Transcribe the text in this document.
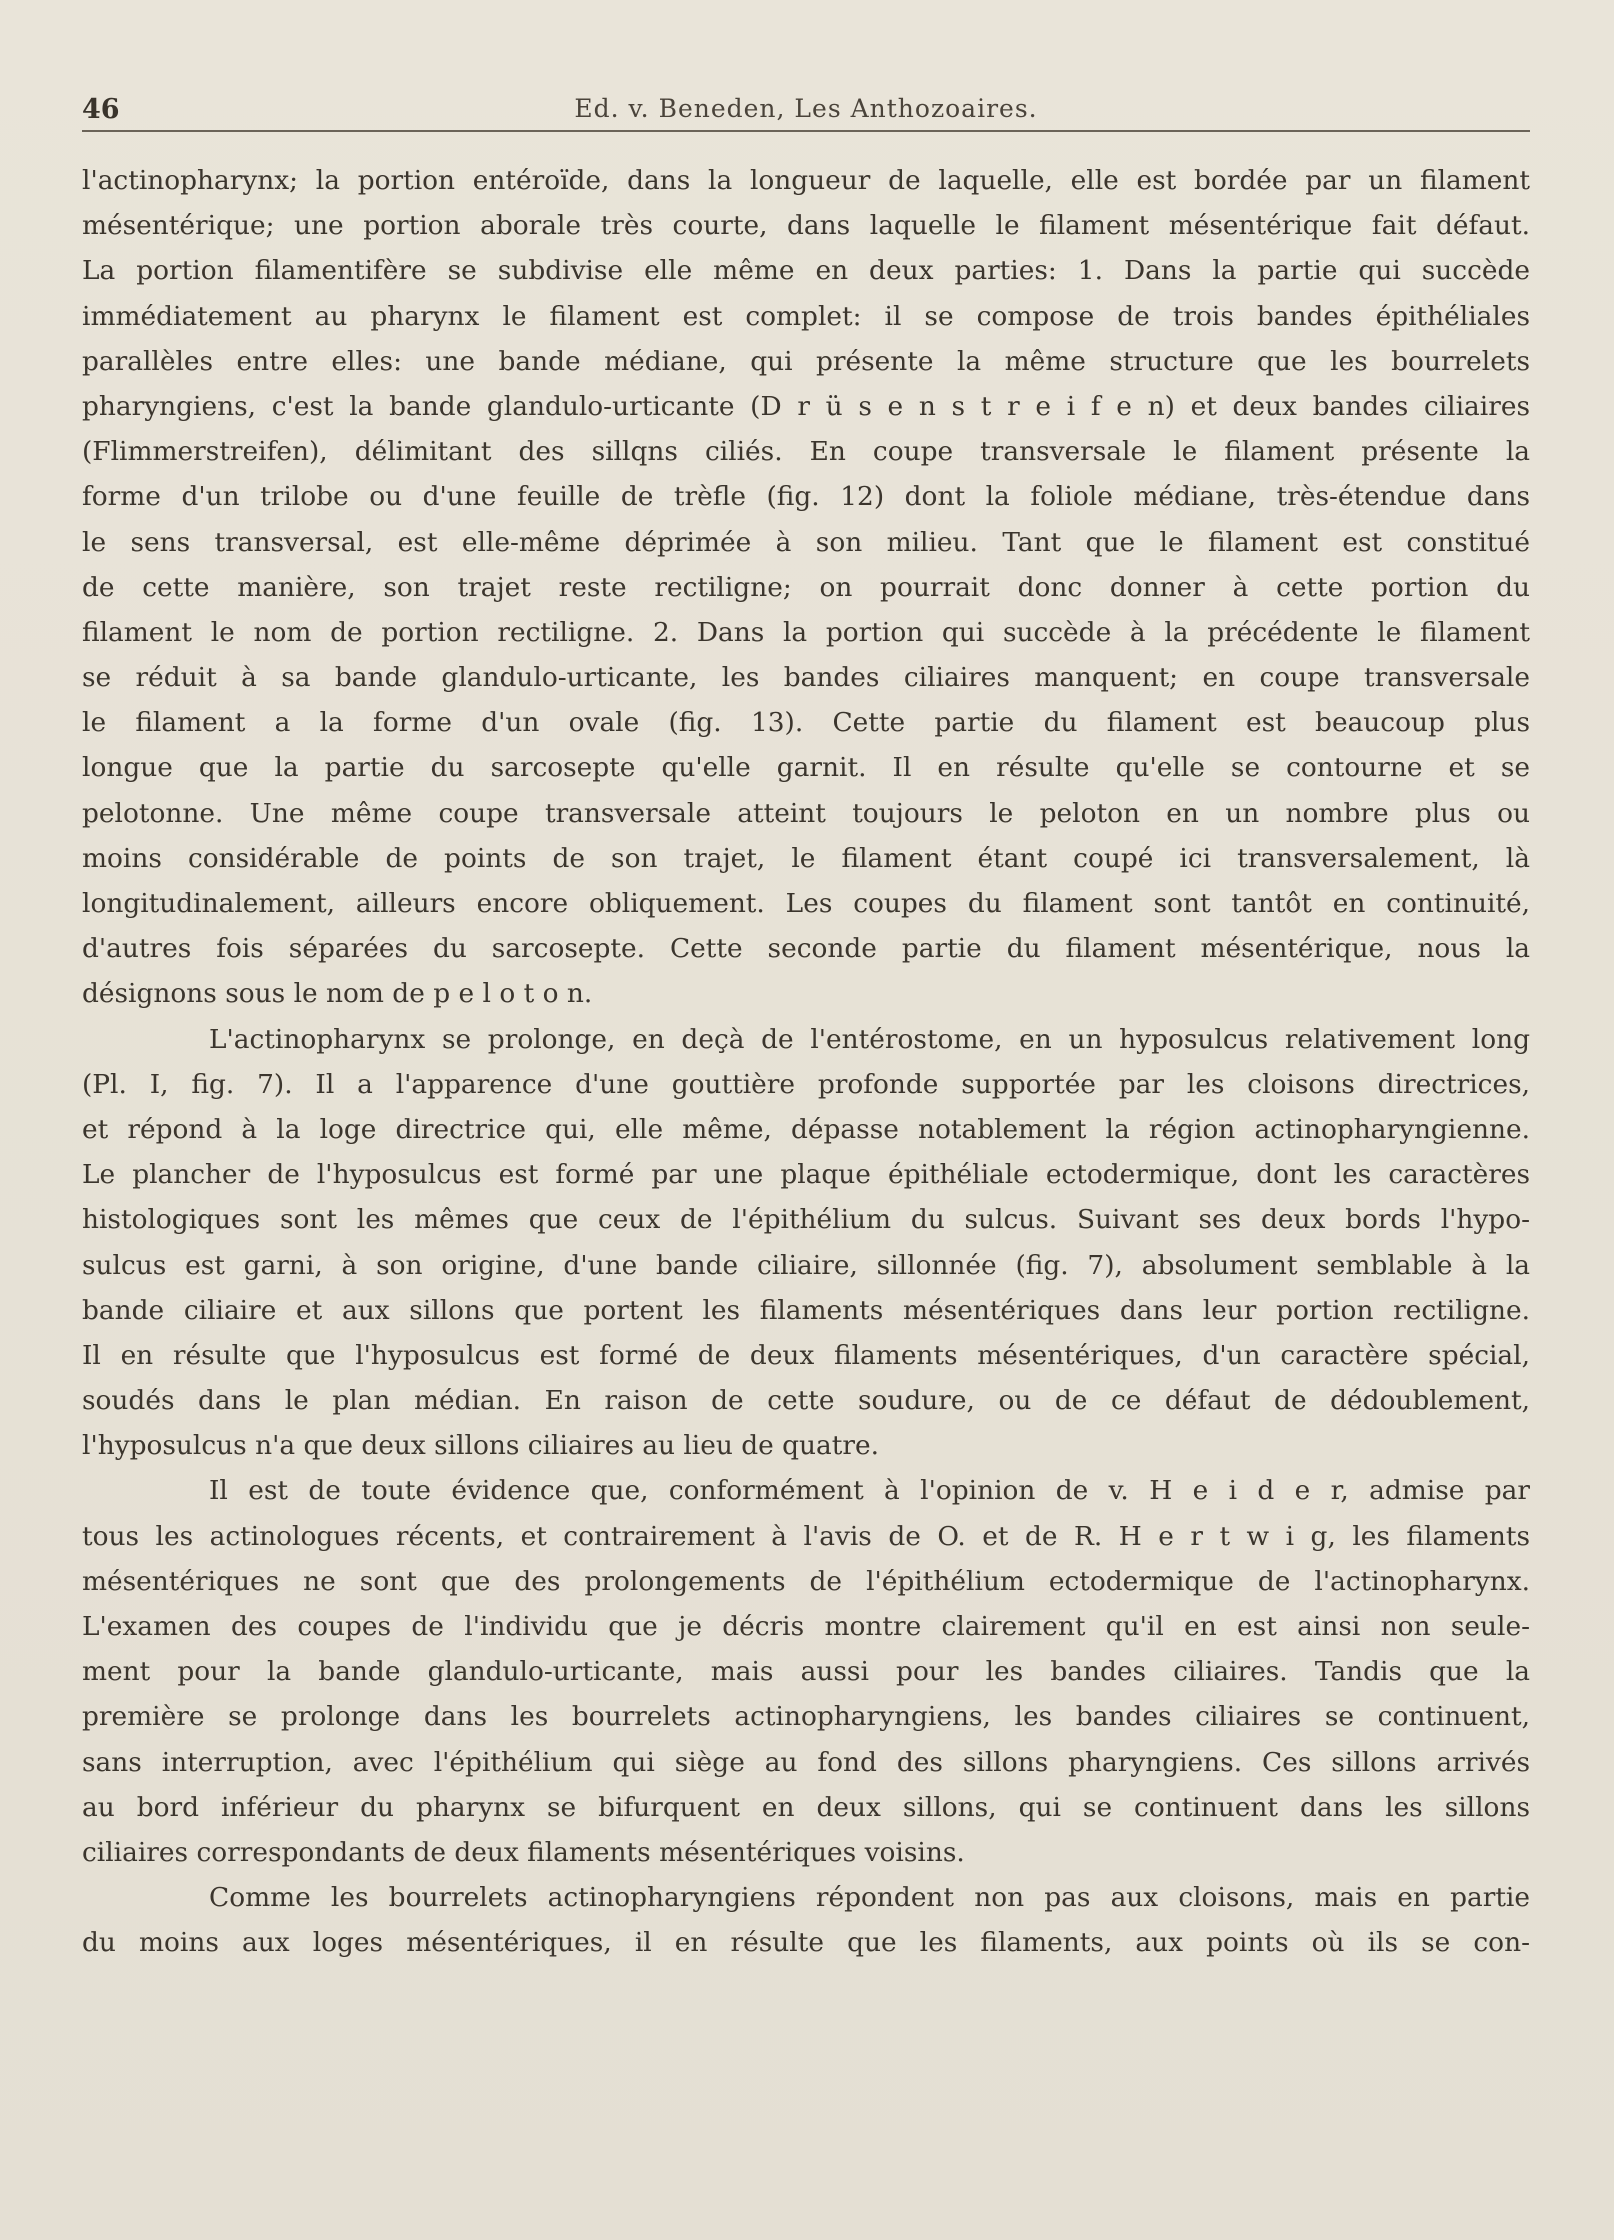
46	Ed. v. Beneden, Les Anthozoaires.
l'actinopharynx; la portion entéroïde, dans la longueur de laquelle, elle est bordée par un filament
mésentérique; une portion aborale très courte, dans laquelle le filament mésentérique fait défaut.
La portion filamentifère se subdivise elle même en deux parties: 1. Dans la partie qui succède
immédiatement au pharynx le filament est complet: il se compose de trois bandes épithéliales
parallèles entre elles: une bande médiane, qui présente la même structure que les bourrelets
pharyngiens, c'est la bande glandulo-urticante (D r ü s e n s t r e i f e n) et deux bandes ciliaires
(Flimmerstreifen), délimitant des sillqns ciliés. En coupe transversale le filament présente la
forme d'un trilobe ou d'une feuille de trèfle (fig. 12) dont la foliole médiane, très-étendue dans
le sens transversal, est elle-même déprimée à son milieu. Tant que le filament est constitué
de cette manière, son trajet reste rectiligne; on pourrait donc donner à cette portion du
filament le nom de portion rectiligne. 2. Dans la portion qui succède à la précédente le filament
se réduit à sa bande glandulo-urticante, les bandes ciliaires manquent; en coupe transversale
le filament a la forme d'un ovale (fig. 13). Cette partie du filament est beaucoup plus
longue que la partie du sarcosepte qu'elle garnit. Il en résulte qu'elle se contourne et se
pelotonne. Une même coupe transversale atteint toujours le peloton en un nombre plus ou
moins considérable de points de son trajet, le filament étant coupé ici transversalement, là
longitudinalement, ailleurs encore obliquement. Les coupes du filament sont tantôt en continuité,
d'autres fois séparées du sarcosepte. Cette seconde partie du filament mésentérique, nous la
désignons sous le nom de p e l o t o n.
L'actinopharynx se prolonge, en deçà de l'entérostome, en un hyposulcus relativement long
(Pl. I, fig. 7). Il a l'apparence d'une gouttière profonde supportée par les cloisons directrices,
et répond à la loge directrice qui, elle même, dépasse notablement la région actinopharyngienne.
Le plancher de l'hyposulcus est formé par une plaque épithéliale ectodermique, dont les caractères
histologiques sont les mêmes que ceux de l'épithélium du sulcus. Suivant ses deux bords l'hypo-
sulcus est garni, à son origine, d'une bande ciliaire, sillonnée (fig. 7), absolument semblable à la
bande ciliaire et aux sillons que portent les filaments mésentériques dans leur portion rectiligne.
Il en résulte que l'hyposulcus est formé de deux filaments mésentériques, d'un caractère spécial,
soudés dans le plan médian. En raison de cette soudure, ou de ce défaut de dédoublement,
l'hyposulcus n'a que deux sillons ciliaires au lieu de quatre.
Il est de toute évidence que, conformément à l'opinion de v. H e i d e r, admise par
tous les actinologues récents, et contrairement à l'avis de O. et de R. H e r t w i g, les filaments
mésentériques ne sont que des prolongements de l'épithélium ectodermique de l'actinopharynx.
L'examen des coupes de l'individu que je décris montre clairement qu'il en est ainsi non seule-
ment pour la bande glandulo-urticante, mais aussi pour les bandes ciliaires. Tandis que la
première se prolonge dans les bourrelets actinopharyngiens, les bandes ciliaires se continuent,
sans interruption, avec l'épithélium qui siège au fond des sillons pharyngiens. Ces sillons arrivés
au bord inférieur du pharynx se bifurquent en deux sillons, qui se continuent dans les sillons
ciliaires correspondants de deux filaments mésentériques voisins.
Comme les bourrelets actinopharyngiens répondent non pas aux cloisons, mais en partie
du moins aux loges mésentériques, il en résulte que les filaments, aux points où ils se con-
